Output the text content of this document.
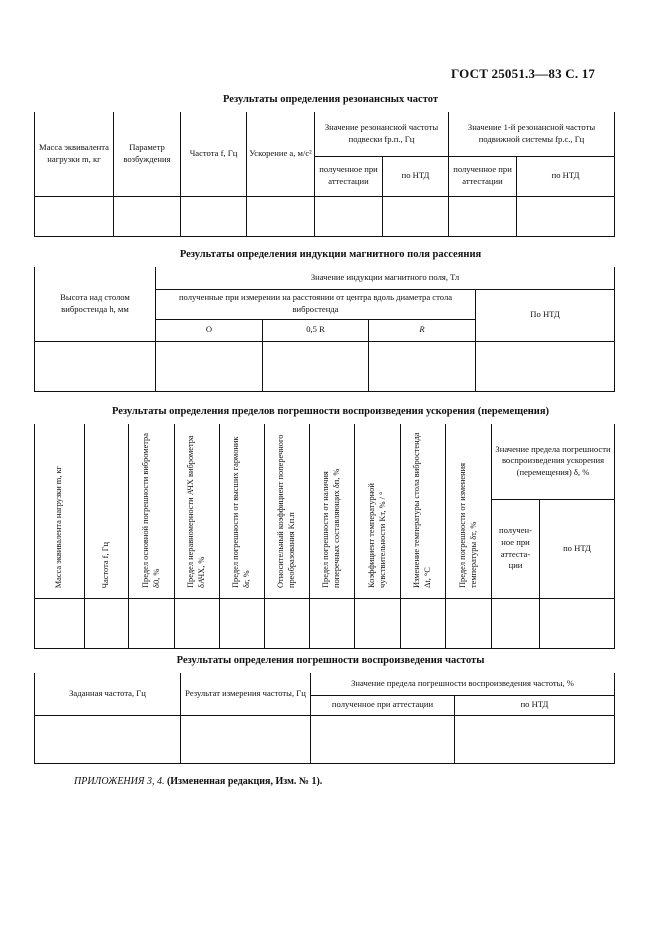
ГОСТ 25051.3—83 С. 17
Результаты определения резонансных частот
Масса эквивалента нагрузки m, кг	Параметр возбуждения	Частота f, Гц	Ускорение a, м/с²	Значение резонансной частоты подвески fр.п., Гц		Значение 1-й резонансной частоты подвижной системы fр.с., Гц	
				полученное при аттестации	по НТД	полученное при аттестации	по НТД

Результаты определения индукции магнитного поля рассеяния
Высота над столом вибростенда h, мм	Значение индукции магнитного поля, Тл			
	полученные при измерении на расстоянии от центра вдоль диаметра стола вибростенда			По НТД
	О	0,5 R	R	

Результаты определения пределов погрешности воспроизведения ускорения (перемещения)
Масса эквивалента нагрузки m, кг	Частота f, Гц	Предел основной погрешности виброметра δ0, %	Предел неравномерности АЧХ виброметра δАЧХ, %	Предел погрешности от высших гармоник δг, %	Относительный коэффициент поперечного преобразования Kп.п	Предел погрешности от наличия поперечных составляющих δп, %	Коэффициент температурной чувствительности Kт, % / °	Изменение температуры стола вибростенда Δt, °С	Предел погрешности от изменения температуры δт, %	Значение предела погрешности воспроизведения ускорения (перемещения) δ, %	
										получен-ное при аттеста-ции	по НТД

Результаты определения погрешности воспроизведения частоты
Заданная частота, Гц	Результат измерения частоты, Гц	Значение предела погрешности воспроизведения частоты, %	
		полученное при аттестации	по НТД

ПРИЛОЖЕНИЯ 3, 4. (Измененная редакция, Изм. № 1).
